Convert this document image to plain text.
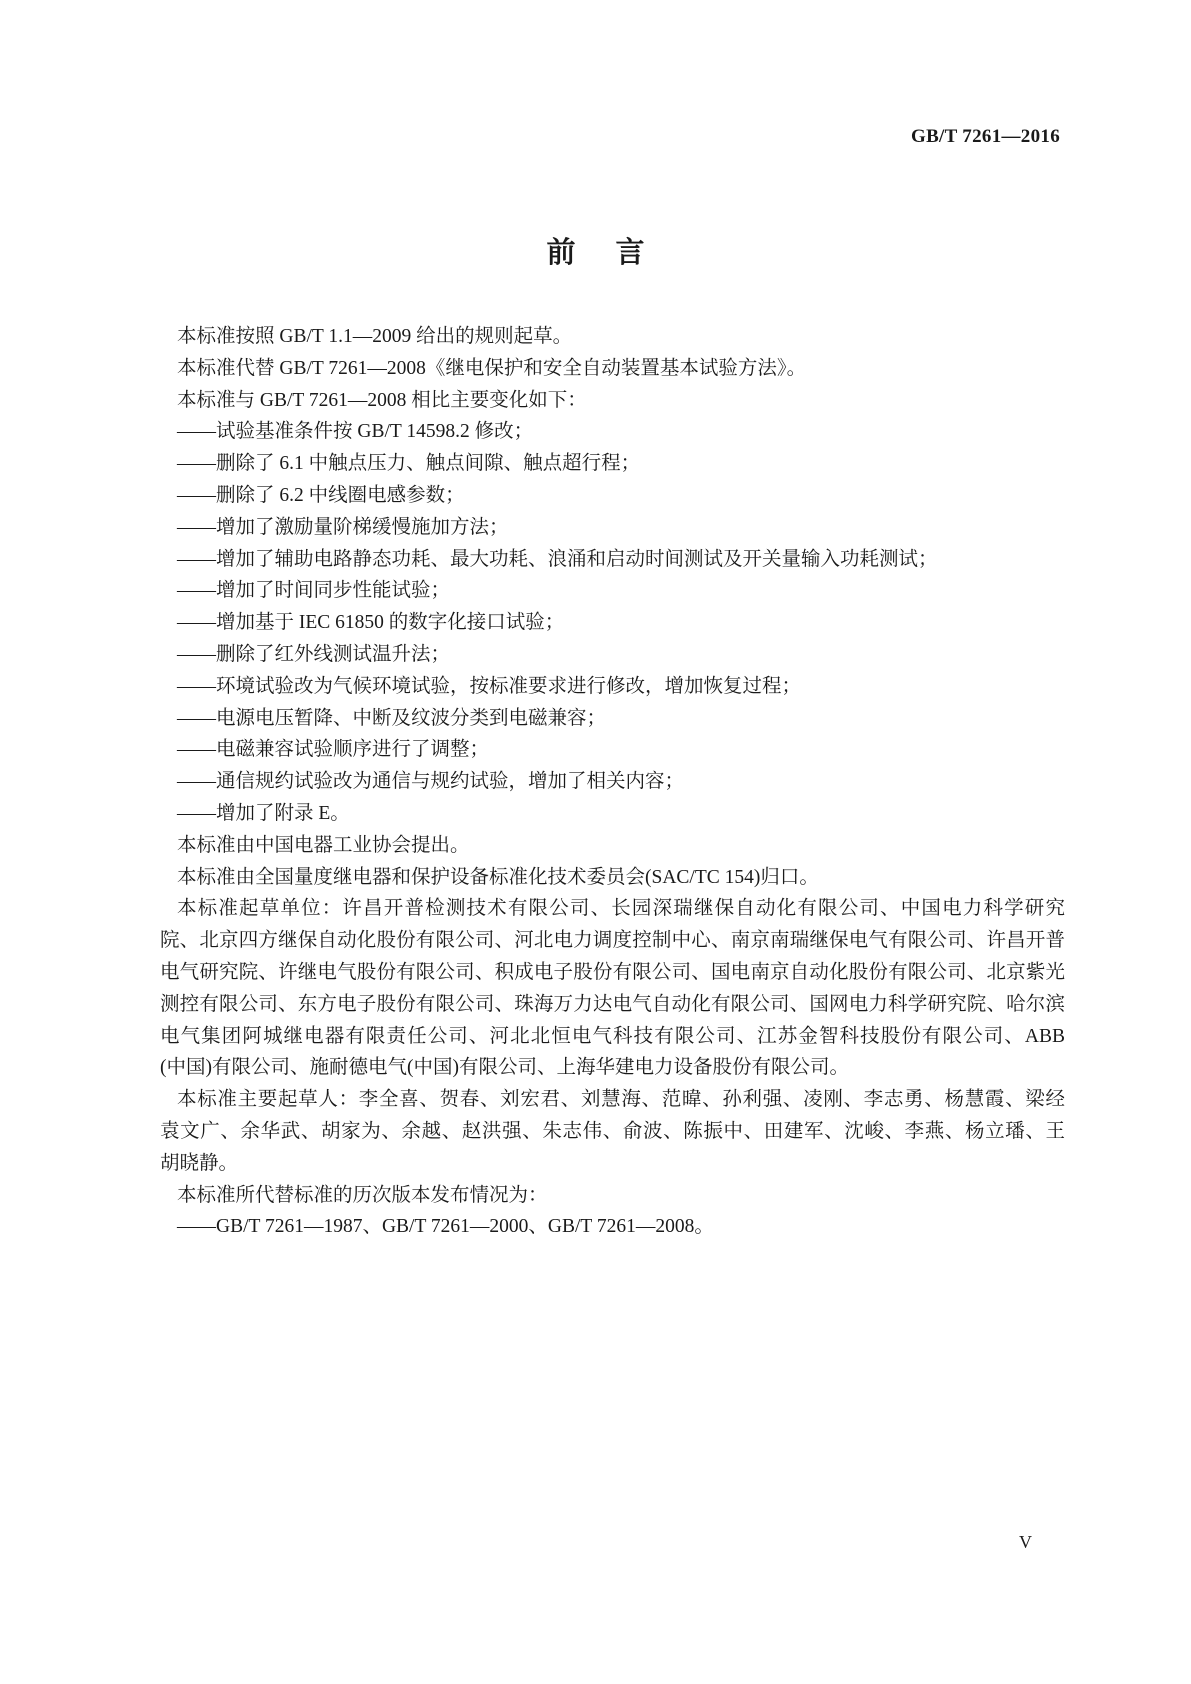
GB/T 7261—2016
前言
本标准按照 GB/T 1.1—2009 给出的规则起草。
本标准代替 GB/T 7261—2008《继电保护和安全自动装置基本试验方法》。
本标准与 GB/T 7261—2008 相比主要变化如下：
——试验基准条件按 GB/T 14598.2 修改；
——删除了 6.1 中触点压力、触点间隙、触点超行程；
——删除了 6.2 中线圈电感参数；
——增加了激励量阶梯缓慢施加方法；
——增加了辅助电路静态功耗、最大功耗、浪涌和启动时间测试及开关量输入功耗测试；
——增加了时间同步性能试验；
——增加基于 IEC 61850 的数字化接口试验；
——删除了红外线测试温升法；
——环境试验改为气候环境试验，按标准要求进行修改，增加恢复过程；
——电源电压暂降、中断及纹波分类到电磁兼容；
——电磁兼容试验顺序进行了调整；
——通信规约试验改为通信与规约试验，增加了相关内容；
——增加了附录 E。
本标准由中国电器工业协会提出。
本标准由全国量度继电器和保护设备标准化技术委员会(SAC/TC 154)归口。
本标准起草单位：许昌开普检测技术有限公司、长园深瑞继保自动化有限公司、中国电力科学研究
院、北京四方继保自动化股份有限公司、河北电力调度控制中心、南京南瑞继保电气有限公司、许昌开普
电气研究院、许继电气股份有限公司、积成电子股份有限公司、国电南京自动化股份有限公司、北京紫光
测控有限公司、东方电子股份有限公司、珠海万力达电气自动化有限公司、国网电力科学研究院、哈尔滨
电气集团阿城继电器有限责任公司、河北北恒电气科技有限公司、江苏金智科技股份有限公司、ABB
(中国)有限公司、施耐德电气(中国)有限公司、上海华建电力设备股份有限公司。
本标准主要起草人：李全喜、贺春、刘宏君、刘慧海、范暐、孙利强、凌刚、李志勇、杨慧霞、梁经
袁文广、余华武、胡家为、余越、赵洪强、朱志伟、俞波、陈振中、田建军、沈峻、李燕、杨立璠、王
胡晓静。
本标准所代替标准的历次版本发布情况为：
——GB/T 7261—1987、GB/T 7261—2000、GB/T 7261—2008。
V
